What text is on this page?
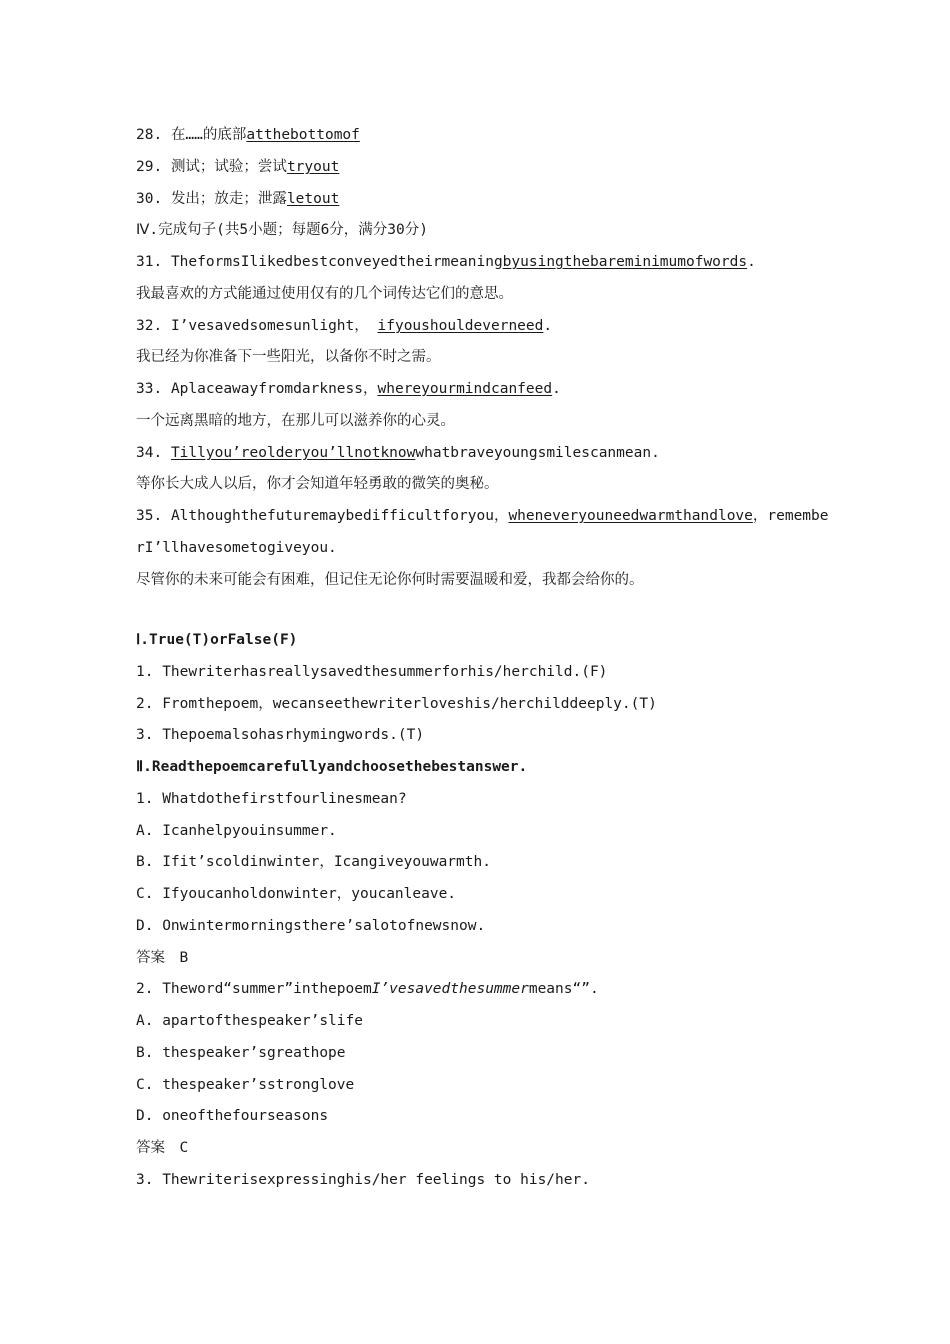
28. 在……的底部atthebottomof
29. 测试；试验；尝试tryout
30. 发出；放走；泄露letout
Ⅳ.完成句子(共5小题；每题6分，满分30分)
31. TheformsIlikedbestconveyedtheirmeaningbyusingthebareminimumofwords.
我最喜欢的方式能通过使用仅有的几个词传达它们的意思。
32. I’vesavedsomesunlight， ifyoushouldeverneed.
我已经为你准备下一些阳光，以备你不时之需。
33. Aplaceawayfromdarkness，whereyourmindcanfeed.
一个远离黑暗的地方，在那儿可以滋养你的心灵。
34. Tillyou’reolderyou’llnotknowwhatbraveyoungsmilescanmean.
等你长大成人以后，你才会知道年轻勇敢的微笑的奥秘。
35. Althoughthefuturemaybedifficultforyou，wheneveryouneedwarmthandlove，remembe
rI’llhavesometogiveyou.
尽管你的未来可能会有困难，但记住无论你何时需要温暖和爱，我都会给你的。
Ⅰ.True(T)orFalse(F)
1. Thewriterhasreallysavedthesummerforhis/herchild.(F)
2. Fromthepoem，wecanseethewriterloveshis/herchilddeeply.(T)
3. Thepoemalsohasrhymingwords.(T)
Ⅱ.Readthepoemcarefullyandchoosethebestanswer.
1. Whatdothefirstfourlinesmean?
A. Icanhelpyouinsummer.
B. Ifit’scoldinwinter，Icangiveyouwarmth.
C. Ifyoucanholdonwinter，youcanleave.
D. Onwintermorningsthere’salotofnewsnow.
答案　B
2. Theword“summer”inthepoemI’vesavedthesummermeans“”.
A. apartofthespeaker’slife
B. thespeaker’sgreathope
C. thespeaker’sstronglove
D. oneofthefourseasons
答案　C
3. Thewriterisexpressinghis/her feelings to his/her.
